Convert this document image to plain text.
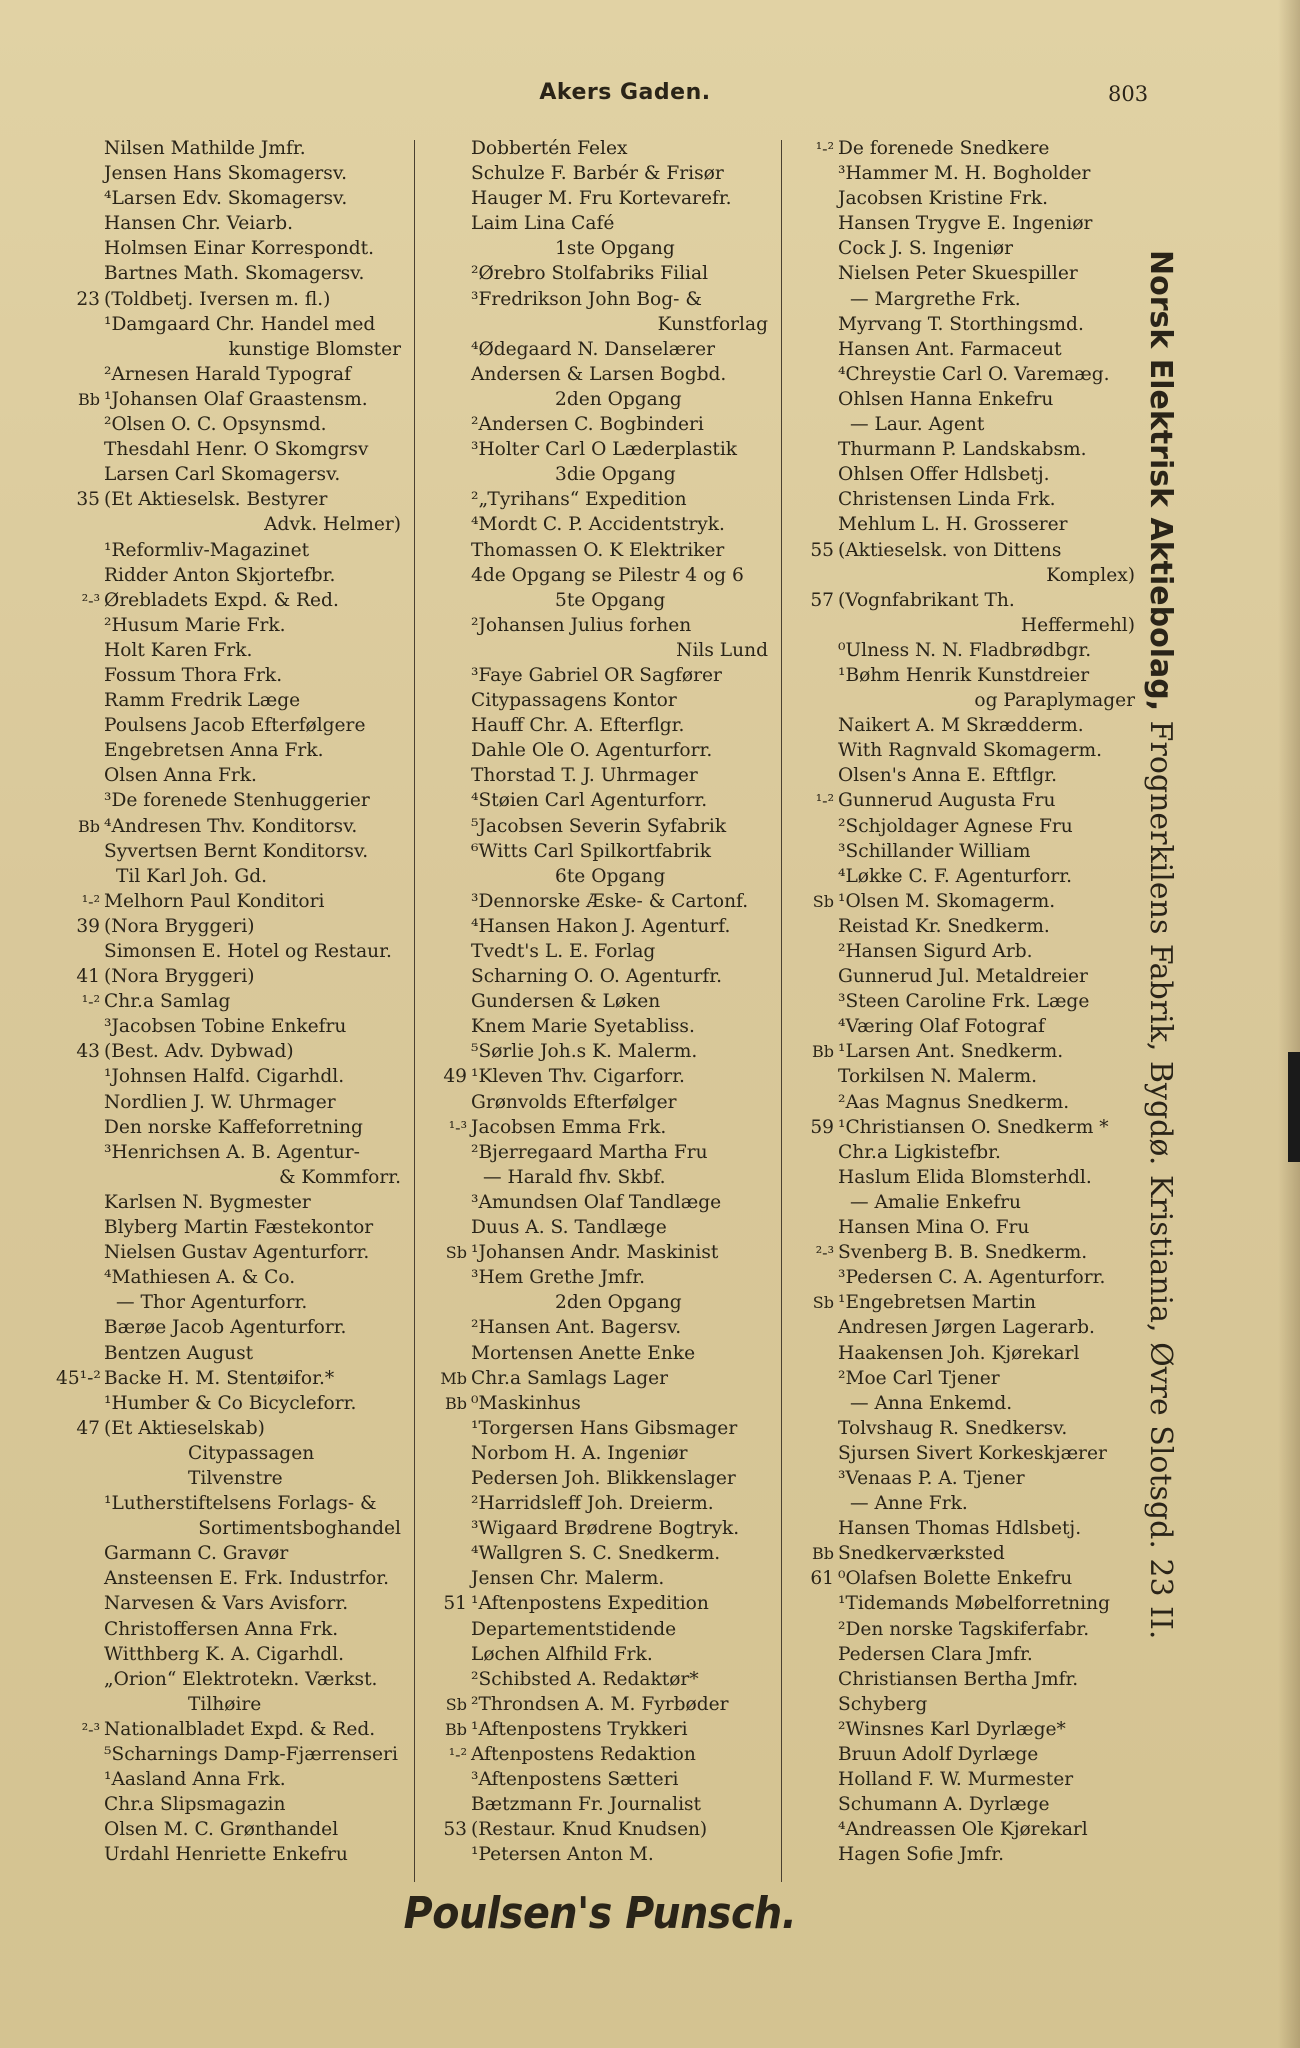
Akers Gaden.	803
Nilsen Mathilde Jmfr.
Jensen Hans Skomagersv.
⁴Larsen Edv. Skomagersv.
Hansen Chr. Veiarb.
Holmsen Einar Korrespondt.
Bartnes Math. Skomagersv.
23 (Toldbetj. Iversen m. fl.)
¹Damgaard Chr. Handel med
kunstige Blomster
²Arnesen Harald Typograf
Bb ¹Johansen Olaf Graastensm.
²Olsen O. C. Opsynsmd.
Thesdahl Henr. O Skomgrsv
Larsen Carl Skomagersv.
35 (Et Aktieselsk. Bestyrer
Advk. Helmer)
¹Reformliv-Magazinet
Ridder Anton Skjortefbr.
²-³ Ørebladets Expd. & Red.
²Husum Marie Frk.
Holt Karen Frk.
Fossum Thora Frk.
Ramm Fredrik Læge
Poulsens Jacob Efterfølgere
Engebretsen Anna Frk.
Olsen Anna Frk.
³De forenede Stenhuggerier
Bb ⁴Andresen Thv. Konditorsv.
Syvertsen Bernt Konditorsv.
Til Karl Joh. Gd.
¹-² Melhorn Paul Konditori
39 (Nora Bryggeri)
Simonsen E. Hotel og Restaur.
41 (Nora Bryggeri)
¹-² Chr.a Samlag
³Jacobsen Tobine Enkefru
43 (Best. Adv. Dybwad)
¹Johnsen Halfd. Cigarhdl.
Nordlien J. W. Uhrmager
Den norske Kaffeforretning
³Henrichsen A. B. Agentur-
& Kommforr.
Karlsen N. Bygmester
Blyberg Martin Fæstekontor
Nielsen Gustav Agenturforr.
⁴Mathiesen A. & Co.
— Thor Agenturforr.
Bærøe Jacob Agenturforr.
Bentzen August
45¹-² Backe H. M. Stentøifor.*
¹Humber & Co Bicycleforr.
47 (Et Aktieselskab)
Citypassagen
Tilvenstre
¹Lutherstiftelsens Forlags- &
Sortimentsboghandel
Garmann C. Gravør
Ansteensen E. Frk. Industrfor.
Narvesen & Vars Avisforr.
Christoffersen Anna Frk.
Witthberg K. A. Cigarhdl.
„Orion“ Elektrotekn. Værkst.
Tilhøire
²-³ Nationalbladet Expd. & Red.
⁵Scharnings Damp-Fjærrenseri
¹Aasland Anna Frk.
Chr.a Slipsmagazin
Olsen M. C. Grønthandel
Urdahl Henriette Enkefru
Dobbertén Felex
Schulze F. Barbér & Frisør
Hauger M. Fru Kortevarefr.
Laim Lina Café
1ste Opgang
²Ørebro Stolfabriks Filial
³Fredrikson John Bog- &
Kunstforlag
⁴Ødegaard N. Danselærer
Andersen & Larsen Bogbd.
2den Opgang
²Andersen C. Bogbinderi
³Holter Carl O Læderplastik
3die Opgang
²„Tyrihans“ Expedition
⁴Mordt C. P. Accidentstryk.
Thomassen O. K Elektriker
4de Opgang se Pilestr 4 og 6
5te Opgang
²Johansen Julius forhen
Nils Lund
³Faye Gabriel OR Sagfører
Citypassagens Kontor
Hauff Chr. A. Efterflgr.
Dahle Ole O. Agenturforr.
Thorstad T. J. Uhrmager
⁴Støien Carl Agenturforr.
⁵Jacobsen Severin Syfabrik
⁶Witts Carl Spilkortfabrik
6te Opgang
³Dennorske Æske- & Cartonf.
⁴Hansen Hakon J. Agenturf.
Tvedt's L. E. Forlag
Scharning O. O. Agenturfr.
Gundersen & Løken
Knem Marie Syetabliss.
⁵Sørlie Joh.s K. Malerm.
49 ¹Kleven Thv. Cigarforr.
Grønvolds Efterfølger
¹-³ Jacobsen Emma Frk.
²Bjerregaard Martha Fru
— Harald fhv. Skbf.
³Amundsen Olaf Tandlæge
Duus A. S. Tandlæge
Sb ¹Johansen Andr. Maskinist
³Hem Grethe Jmfr.
2den Opgang
²Hansen Ant. Bagersv.
Mortensen Anette Enke
Mb Chr.a Samlags Lager
Bb ⁰Maskinhus
¹Torgersen Hans Gibsmager
Norbom H. A. Ingeniør
Pedersen Joh. Blikkenslager
²Harridsleff Joh. Dreierm.
³Wigaard Brødrene Bogtryk.
⁴Wallgren S. C. Snedkerm.
Jensen Chr. Malerm.
51 ¹Aftenpostens Expedition
Departementstidende
Løchen Alfhild Frk.
²Schibsted A. Redaktør*
Sb ²Throndsen A. M. Fyrbøder
Bb ¹Aftenpostens Trykkeri
¹-² Aftenpostens Redaktion
³Aftenpostens Sætteri
Bætzmann Fr. Journalist
53 (Restaur. Knud Knudsen)
¹Petersen Anton M.
¹-² De forenede Snedkere
³Hammer M. H. Bogholder
Jacobsen Kristine Frk.
Hansen Trygve E. Ingeniør
Cock J. S. Ingeniør
Nielsen Peter Skuespiller
— Margrethe Frk.
Myrvang T. Storthingsmd.
Hansen Ant. Farmaceut
⁴Chreystie Carl O. Varemæg.
Ohlsen Hanna Enkefru
— Laur. Agent
Thurmann P. Landskabsm.
Ohlsen Offer Hdlsbetj.
Christensen Linda Frk.
Mehlum L. H. Grosserer
55 (Aktieselsk. von Dittens
Komplex)
57 (Vognfabrikant Th.
Heffermehl)
⁰Ulness N. N. Fladbrødbgr.
¹Bøhm Henrik Kunstdreier
og Paraplymager
Naikert A. M Skrædderm.
With Ragnvald Skomagerm.
Olsen's Anna E. Eftflgr.
¹-² Gunnerud Augusta Fru
²Schjoldager Agnese Fru
³Schillander William
⁴Løkke C. F. Agenturforr.
Sb ¹Olsen M. Skomagerm.
Reistad Kr. Snedkerm.
²Hansen Sigurd Arb.
Gunnerud Jul. Metaldreier
³Steen Caroline Frk. Læge
⁴Væring Olaf Fotograf
Bb ¹Larsen Ant. Snedkerm.
Torkilsen N. Malerm.
²Aas Magnus Snedkerm.
59 ¹Christiansen O. Snedkerm *
Chr.a Ligkistefbr.
Haslum Elida Blomsterhdl.
— Amalie Enkefru
Hansen Mina O. Fru
²-³ Svenberg B. B. Snedkerm.
³Pedersen C. A. Agenturforr.
Sb ¹Engebretsen Martin
Andresen Jørgen Lagerarb.
Haakensen Joh. Kjørekarl
²Moe Carl Tjener
— Anna Enkemd.
Tolvshaug R. Snedkersv.
Sjursen Sivert Korkeskjærer
³Venaas P. A. Tjener
— Anne Frk.
Hansen Thomas Hdlsbetj.
Bb Snedkerværksted
61 ⁰Olafsen Bolette Enkefru
¹Tidemands Møbelforretning
²Den norske Tagskiferfabr.
Pedersen Clara Jmfr.
Christiansen Bertha Jmfr.
Schyberg
²Winsnes Karl Dyrlæge*
Bruun Adolf Dyrlæge
Holland F. W. Murmester
Schumann A. Dyrlæge
⁴Andreassen Ole Kjørekarl
Hagen Sofie Jmfr.
Norsk Elektrisk Aktiebolag, Frognerkilens Fabrik, Bygdø. Kristiania, Øvre Slotsgd. 23 II.
Poulsen's Punsch.
